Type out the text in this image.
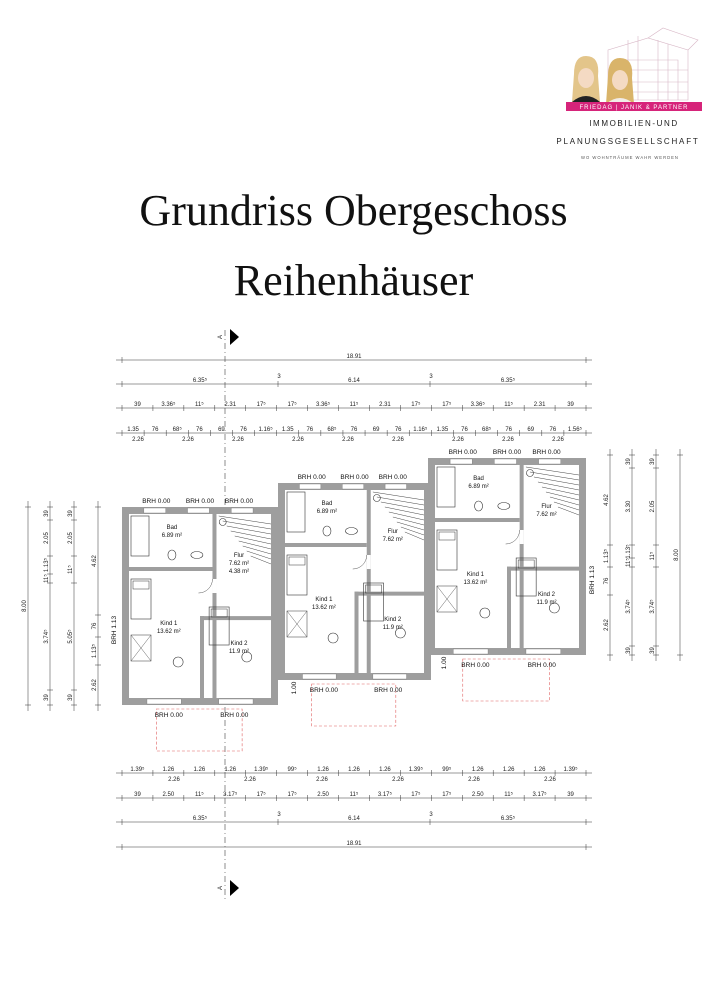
FRIEDAG | JANIK & PARTNER
IMMOBILIEN-UND
PLANUNGSGESELLSCHAFT
WO WOHNTRÄUME WAHR WERDEN
Grundriss Obergeschoss
Reihenhäuser
18.91
6.35⁵	6.14	6.35⁵
3	3
39	3.36⁵	11⁵	2.31	17⁵	17⁵	3.36⁵	11⁵	2.31	17⁵	17⁵	3.36⁵	11⁵	2.31	39
1.35 76 68⁵ 76	69	76 1.16⁵ 1.35 76 68⁵ 76	69	76 1.16⁵ 1.35 76 68⁵ 76	69	76 1.56⁵
2.26	2.26	2.26	2.26	2.26	2.26	2.26	2.26	2.26
1.39⁵	1.26	1.26	1.26	1.39⁵	99⁵	1.26	1.26	1.26	1.39⁵	99⁵	1.26	1.26	1.26	1.39⁵
2.26	2.26	2.26	2.26	2.26	2.26
39	2.50	11⁵	3.17⁵	17⁵	17⁵	2.50	11⁵	3.17⁵	17⁵	17⁵	2.50	11⁵	3.17⁵	39
6.35⁵	6.14	6.35⁵
3	3
18.91
8.00
39
2.05
1.13⁵
11⁵
3.74⁵
39
39
2.05
11⁵
5.05⁵
39
4.62
76
1.13⁵
2.62
4.62
1.13⁵
76
2.62
39
3.30
1.13⁵
11⁵
3.74⁵
39
39
2.05
11⁵
3.74⁵
39
8.00
A
A
Bad
6.89 m²
Flur
7.62 m²
4.38 m²
Kind 1
13.62 m²
Kind 2
11.9 m²
BRH 0.00 BRH 0.00 BRH 0.00
BRH 0.00	BRH 0.00
Bad
6.89 m²
Flur
7.62 m²
Kind 1
13.62 m²
Kind 2
11.9 m²
BRH 0.00 BRH 0.00 BRH 0.00
BRH 0.00	BRH 0.00
Bad
6.89 m²
Flur
7.62 m²
Kind 1
13.62 m²
Kind 2
11.9 m²
BRH 0.00 BRH 0.00 BRH 0.00
BRH 0.00	BRH 0.00
BRH 1.13
BRH 1.13
1.00
1.00
